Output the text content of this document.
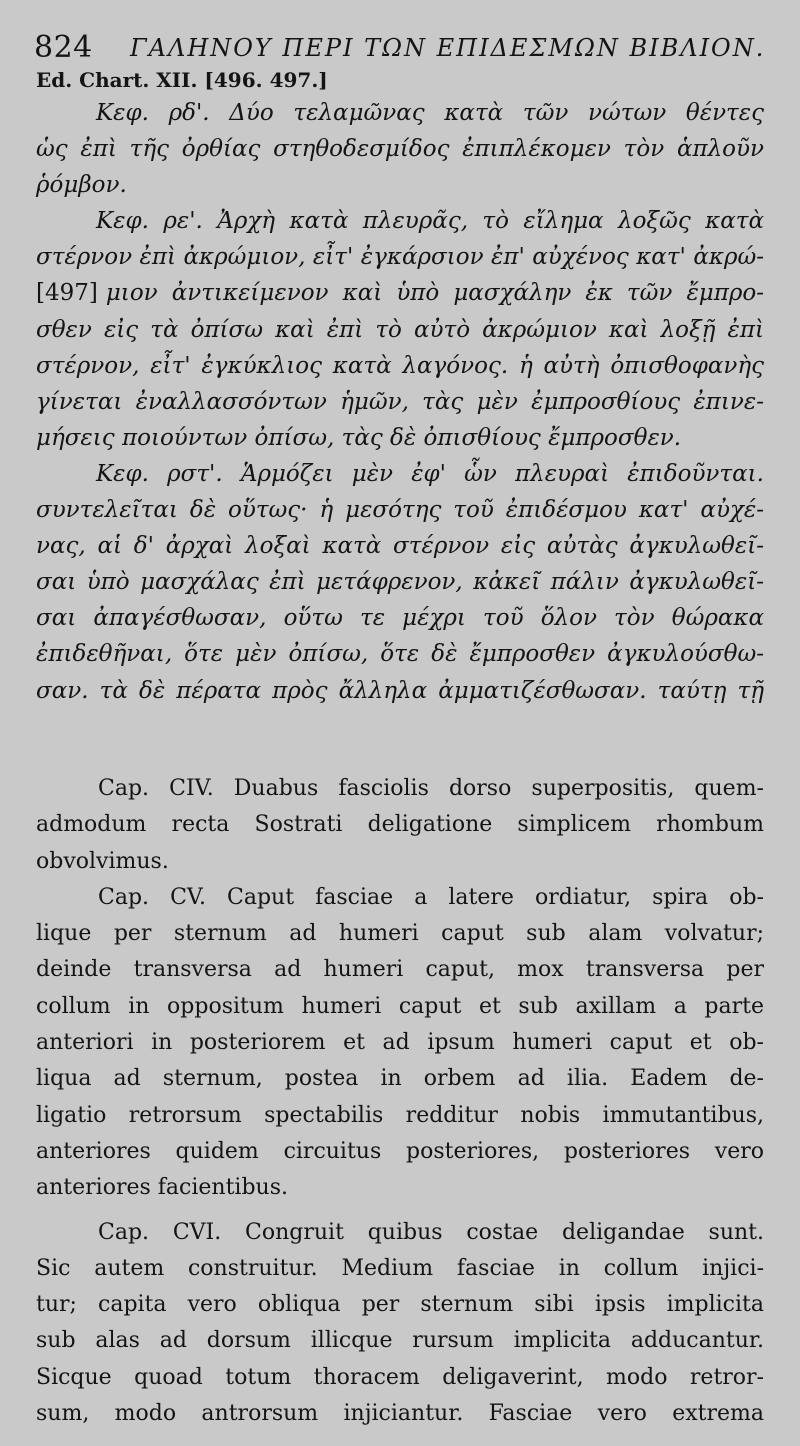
824 ΓΑΛΗΝΟΥ ΠΕΡΙ ΤΩΝ ΕΠΙΔΕΣΜΩΝ ΒΙΒΛΙΟΝ.
Ed. Chart. XII. [496. 497.]
Κεφ. ρδ'. Δύο τελαμῶνας κατὰ τῶν νώτων θέντες
ὡς ἐπὶ τῆς ὀρθίας στηθοδεσμίδος ἐπιπλέκομεν τὸν ἁπλοῦν
ῥόμβον.
Κεφ. ρε'. Ἀρχὴ κατὰ πλευρᾶς, τὸ εἴλημα λοξῶς κατὰ
στέρνον ἐπὶ ἀκρώμιον, εἶτ' ἐγκάρσιον ἐπ' αὐχένος κατ' ἀκρώ-
[497] μιον ἀντικείμενον καὶ ὑπὸ μασχάλην ἐκ τῶν ἔμπρο-
σθεν εἰς τὰ ὀπίσω καὶ ἐπὶ τὸ αὐτὸ ἀκρώμιον καὶ λοξῇ ἐπὶ
στέρνον, εἶτ' ἐγκύκλιος κατὰ λαγόνος. ἡ αὐτὴ ὀπισθοφανὴς
γίνεται ἐναλλασσόντων ἡμῶν, τὰς μὲν ἐμπροσθίους ἐπινε-
μήσεις ποιούντων ὀπίσω, τὰς δὲ ὀπισθίους ἔμπροσθεν.
Κεφ. ρστ'. Ἁρμόζει μὲν ἐφ' ὧν πλευραὶ ἐπιδοῦνται.
συντελεῖται δὲ οὕτως· ἡ μεσότης τοῦ ἐπιδέσμου κατ' αὐχέ-
νας, αἱ δ' ἀρχαὶ λοξαὶ κατὰ στέρνον εἰς αὐτὰς ἀγκυλωθεῖ-
σαι ὑπὸ μασχάλας ἐπὶ μετάφρενον, κἀκεῖ πάλιν ἀγκυλωθεῖ-
σαι ἀπαγέσθωσαν, οὕτω τε μέχρι τοῦ ὅλον τὸν θώρακα
ἐπιδεθῆναι, ὅτε μὲν ὀπίσω, ὅτε δὲ ἔμπροσθεν ἀγκυλούσθω-
σαν. τὰ δὲ πέρατα πρὸς ἄλληλα ἀμματιζέσθωσαν. ταύτῃ τῇ
Cap. CIV. Duabus fasciolis dorso superpositis, quem-
admodum recta Sostrati deligatione simplicem rhombum
obvolvimus.
Cap. CV. Caput fasciae a latere ordiatur, spira ob-
lique per sternum ad humeri caput sub alam volvatur;
deinde transversa ad humeri caput, mox transversa per
collum in oppositum humeri caput et sub axillam a parte
anteriori in posteriorem et ad ipsum humeri caput et ob-
liqua ad sternum, postea in orbem ad ilia. Eadem de-
ligatio retrorsum spectabilis redditur nobis immutantibus,
anteriores quidem circuitus posteriores, posteriores vero
anteriores facientibus.
Cap. CVI. Congruit quibus costae deligandae sunt.
Sic autem construitur. Medium fasciae in collum injici-
tur; capita vero obliqua per sternum sibi ipsis implicita
sub alas ad dorsum illicque rursum implicita adducantur.
Sicque quoad totum thoracem deligaverint, modo retror-
sum, modo antrorsum injiciantur. Fasciae vero extrema
